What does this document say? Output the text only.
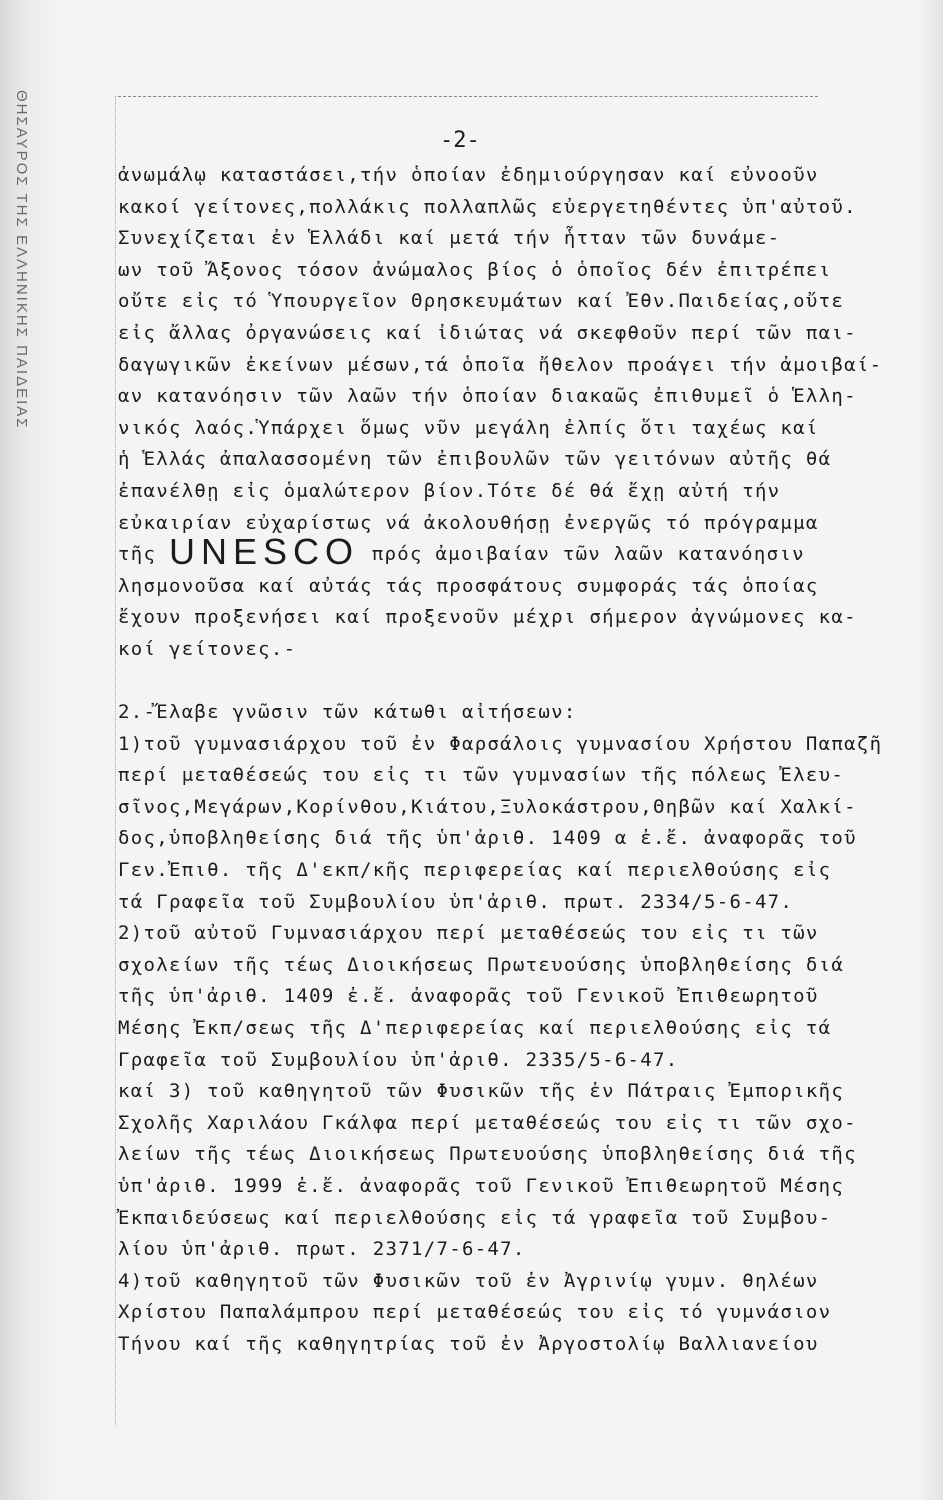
ΘΗΣΑΥΡΟΣ ΤΗΣ ΕΛΛΗΝΙΚΗΣ ΠΑΙΔΕΙΑΣ	-2-
ἀνωμάλῳ καταστάσει,τήν ὁποίαν ἐδημιούργησαν καί εὐνοοῦν
κακοί γείτονες,πολλάκις πολλαπλῶς εὐεργετηθέντες ὑπ'αὐτοῦ.
Συνεχίζεται ἐν Ἑλλάδι καί μετά τήν ἧτταν τῶν δυνάμε-
ων τοῦ Ἄξονος τόσον ἀνώμαλος βίος ὁ ὁποῖος δέν ἐπιτρέπει
οὔτε εἰς τό Ὑπουργεῖον Θρησκευμάτων καί Ἐθν.Παιδείας,οὔτε
εἰς ἄλλας ὀργανώσεις καί ἰδιώτας νά σκεφθοῦν περί τῶν παι-
δαγωγικῶν ἐκείνων μέσων,τά ὁποῖα ἤθελον προάγει τήν ἀμοιβαί-
αν κατανόησιν τῶν λαῶν τήν ὁποίαν διακαῶς ἐπιθυμεῖ ὁ Ἑλλη-
νικός λαός.Ὑπάρχει ὅμως νῦν μεγάλη ἐλπίς ὅτι ταχέως καί
ἡ Ἑλλάς ἀπαλασσομένη τῶν ἐπιβουλῶν τῶν γειτόνων αὐτῆς θά
ἐπανέλθῃ εἰς ὁμαλώτερον βίον.Τότε δέ θά ἔχῃ αὐτή τήν
εὐκαιρίαν εὐχαρίστως νά ἀκολουθήσῃ ἐνεργῶς τό πρόγραμμα
τῆς UNESCO πρός ἀμοιβαίαν τῶν λαῶν κατανόησιν
λησμονοῦσα καί αὐτάς τάς προσφάτους συμφοράς τάς ὁποίας
ἔχουν προξενήσει καί προξενοῦν μέχρι σήμερον ἀγνώμονες κα-
κοί γείτονες.-
2.-Ἔλαβε γνῶσιν τῶν κάτωθι αἰτήσεων:
1)τοῦ γυμνασιάρχου τοῦ ἐν Φαρσάλοις γυμνασίου Χρήστου Παπαζῆ
περί μεταθέσεώς του εἰς τι τῶν γυμνασίων τῆς πόλεως Ἐλευ-
σῖνος,Μεγάρων,Κορίνθου,Κιάτου,Ξυλοκάστρου,Θηβῶν καί Χαλκί-
δος,ὑποβληθείσης διά τῆς ὑπ'ἀριθ. 1409 α ἐ.ἔ. ἀναφορᾶς τοῦ
Γεν.Ἐπιθ. τῆς Δ'εκπ/κῆς περιφερείας καί περιελθούσης εἰς
τά Γραφεῖα τοῦ Συμβουλίου ὑπ'ἀριθ. πρωτ. 2334/5-6-47.
2)τοῦ αὐτοῦ Γυμνασιάρχου περί μεταθέσεώς του εἰς τι τῶν
σχολείων τῆς τέως Διοικήσεως Πρωτευούσης ὑποβληθείσης διά
τῆς ὑπ'ἀριθ. 1409 ἐ.ἔ. ἀναφορᾶς τοῦ Γενικοῦ Ἐπιθεωρητοῦ
Μέσης Ἐκπ/σεως τῆς Δ'περιφερείας καί περιελθούσης εἰς τά
Γραφεῖα τοῦ Συμβουλίου ὑπ'ἀριθ. 2335/5-6-47.
καί 3) τοῦ καθηγητοῦ τῶν Φυσικῶν τῆς ἐν Πάτραις Ἐμπορικῆς
Σχολῆς Χαριλάου Γκάλφα περί μεταθέσεώς του εἰς τι τῶν σχο-
λείων τῆς τέως Διοικήσεως Πρωτευούσης ὑποβληθείσης διά τῆς
ὑπ'ἀριθ. 1999 ἐ.ἔ. ἀναφορᾶς τοῦ Γενικοῦ Ἐπιθεωρητοῦ Μέσης
Ἐκπαιδεύσεως καί περιελθούσης εἰς τά γραφεῖα τοῦ Συμβου-
λίου ὑπ'ἀριθ. πρωτ. 2371/7-6-47.
4)τοῦ καθηγητοῦ τῶν Φυσικῶν τοῦ ἐν Ἀγρινίῳ γυμν. θηλέων
Χρίστου Παπαλάμπρου περί μεταθέσεώς του εἰς τό γυμνάσιον
Τήνου καί τῆς καθηγητρίας τοῦ ἐν Ἀργοστολίῳ Βαλλιανείου
